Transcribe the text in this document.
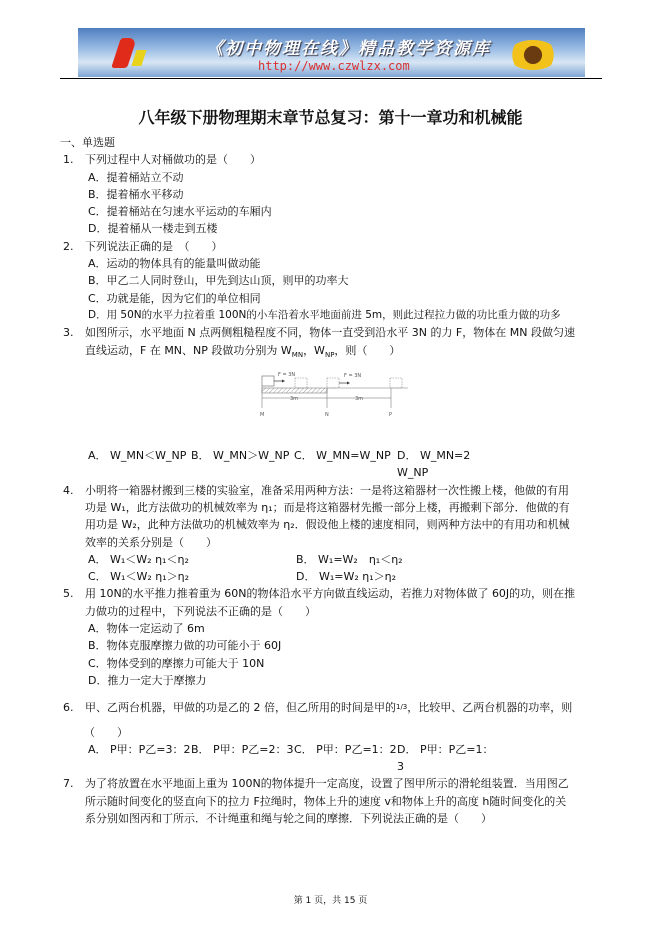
《初中物理在线》精品教学资源库
http://www.czwlzx.com
八年级下册物理期末章节总复习：第十一章功和机械能
一、单选题
1. 下列过程中人对桶做功的是（　　）
A．提着桶站立不动
B．提着桶水平移动
C．提着桶站在匀速水平运动的车厢内
D．提着桶从一楼走到五楼
2. 下列说法正确的是　（　　）
A．运动的物体具有的能量叫做动能
B．甲乙二人同时登山，甲先到达山顶，则甲的功率大
C．功就是能，因为它们的单位相同
D．用 50N的水平力拉着重 100N的小车沿着水平地面前进 5m，则此过程拉力做的功比重力做的功多
3. 如图所示，水平地面 N 点两侧粗糙程度不同，物体一直受到沿水平 3N 的力 F，物体在 MN 段做匀速
直线运动，F 在 MN、NP 段做功分别为 $W_{MN}$，$W_{NP}$，则（　　）
F = 3N	F = 3N
3m	3m
M	N	P
A． W_MN＜W_NP B． W_MN＞W_NP C． W_MN=W_NP D． W_MN=2 W_NP
4. 小明将一箱器材搬到三楼的实验室，准备采用两种方法：一是将这箱器材一次性搬上楼，他做的有用
功是 W₁，此方法做功的机械效率为 η₁；而是将这箱器材先搬一部分上楼，再搬剩下部分．他做的有
用功是 W₂，此种方法做功的机械效率为 η₂．假设他上楼的速度相同，则两种方法中的有用功和机械
效率的关系分别是（　　）
A． W₁＜W₂ η₁＜η₂	B． W₁=W₂　η₁＜η₂
C． W₁＜W₂ η₁＞η₂	D． W₁=W₂ η₁＞η₂
5. 用 10N的水平推力推着重为 60N的物体沿水平方向做直线运动，若推力对物体做了 60J的功，则在推
力做功的过程中，下列说法不正确的是（　　）
A．物体一定运动了 6m
B．物体克服摩擦力做的功可能小于 60J
C．物体受到的摩擦力可能大于 10N
D．推力一定大于摩擦力
6. 甲、乙两台机器，甲做的功是乙的 2 倍，但乙所用的时间是甲的$^{1/3}$，比较甲、乙两台机器的功率，则
（　　）
A． P甲：P乙=3：2 B． P甲：P乙=2：3 C． P甲：P乙=1：2 D． P甲：P乙=1：3
7. 为了将放置在水平地面上重为 100N的物体提升一定高度，设置了图甲所示的滑轮组装置．当用图乙
所示随时间变化的竖直向下的拉力 F拉绳时，物体上升的速度 v和物体上升的高度 h随时间变化的关
系分别如图丙和丁所示．不计绳重和绳与轮之间的摩擦．下列说法正确的是（　　）
第 1 页，共 15 页
